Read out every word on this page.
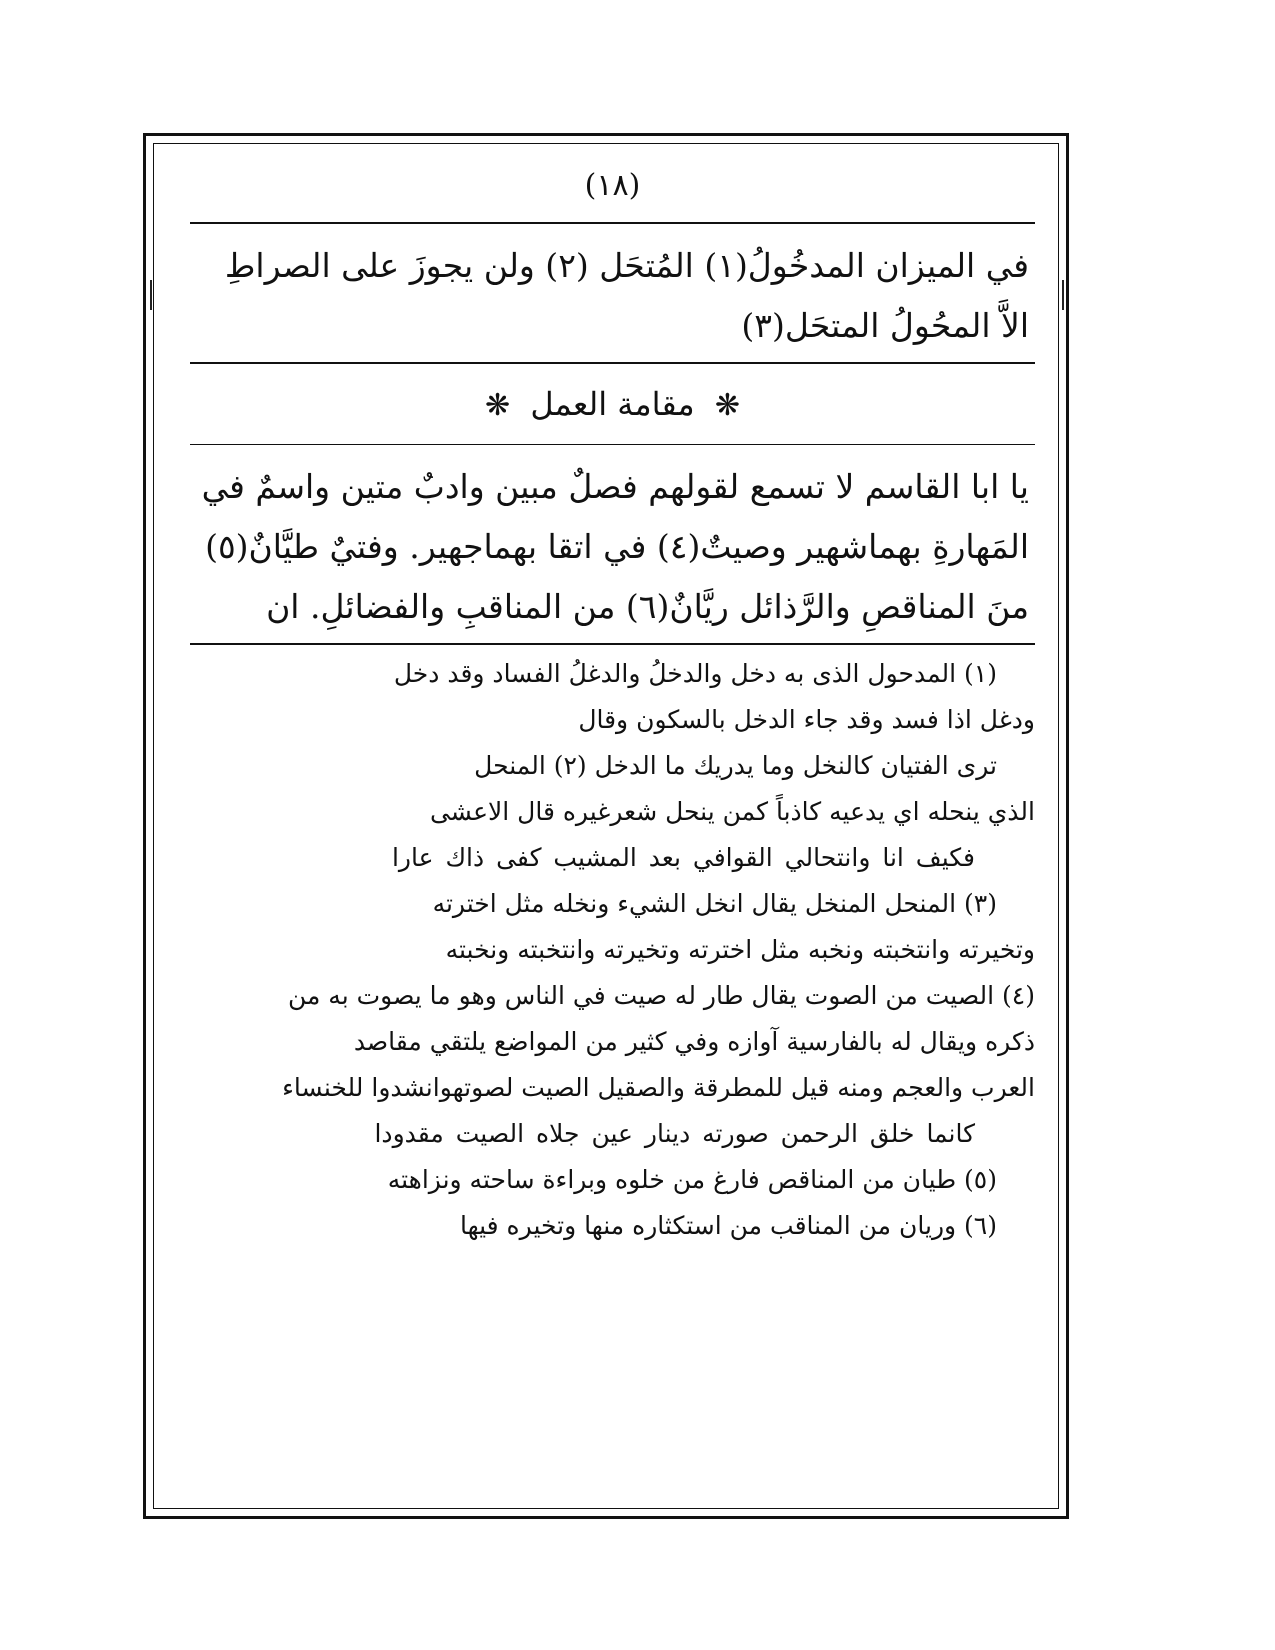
(١٨)

في الميزان المدخُولُ(١) المُتحَل (٢) ولن يجوزَ على الصراطِ

الاَّ المحُولُ المتحَل(٣)

❋ مقامة العمل ❋

يا ابا القاسم لا تسمع لقولهم فصلٌ مبين وادبٌ متين واسمٌ في

المَهارةِ بهماشهير وصيتٌ(٤) في اتقا بهماجهير. وفتيٌ طيَّانٌ(٥)

منَ المناقصِ والرَّذائل ريَّانٌ(٦) من المناقبِ والفضائلِ. ان

(١) المدحول الذى به دخل والدخلُ والدغلُ الفساد وقد دخل

ودغل اذا فسد وقد جاء الدخل بالسكون وقال

ترى الفتيان كالنخل وما يدريك ما الدخل (٢) المنحل

الذي ينحله اي يدعيه كاذباً كمن ينحل شعرغيره قال الاعشى

فكيف انا وانتحالي القوافي بعد المشيب كفى ذاك عارا

(٣) المنحل المنخل يقال انخل الشيء ونخله مثل اخترته

وتخيرته وانتخبته ونخبه مثل اخترته وتخيرته وانتخبته ونخبته

(٤) الصيت من الصوت يقال طار له صيت في الناس وهو ما يصوت به من

ذكره ويقال له بالفارسية آوازه وفي كثير من المواضع يلتقي مقاصد

العرب والعجم ومنه قيل للمطرقة والصقيل الصيت لصوتهوانشدوا للخنساء

كانما خلق الرحمن صورته دينار عين جلاه الصيت مقدودا

(٥) طيان من المناقص فارغ من خلوه وبراءة ساحته ونزاهته

(٦) وريان من المناقب من استكثاره منها وتخيره فيها
